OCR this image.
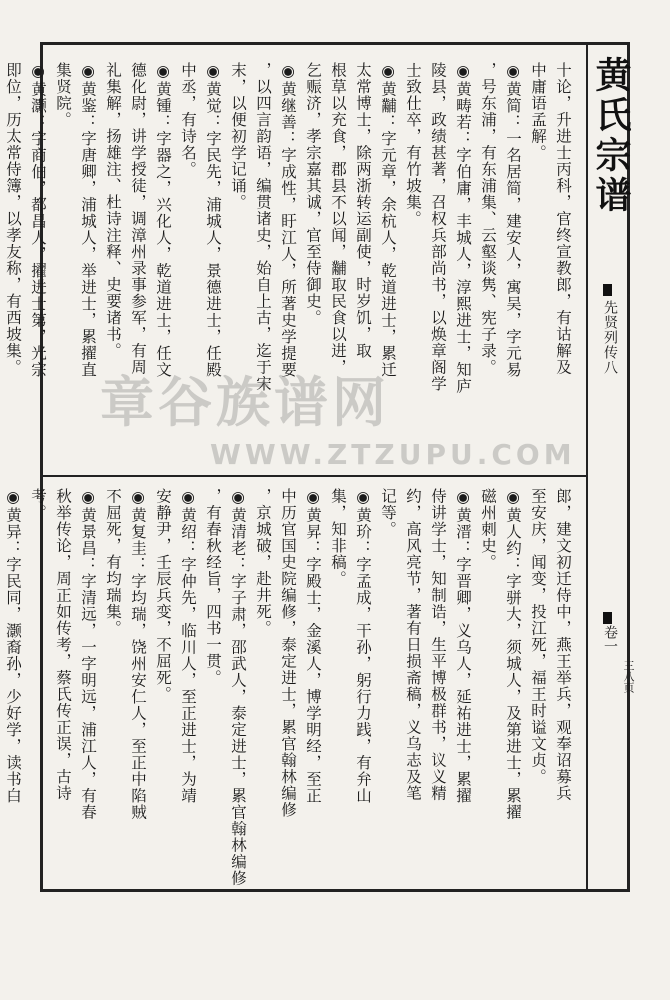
黄氏宗谱
先贤列传八
卷一
三八页
十论，升进士丙科，官终宣教郎，有诂解及
中庸语孟解。
◉黄简：一名居简，建安人，寓吴，字元易
，号东浦，有东浦集、云壑谈隽、宪子录。
◉黄畴若：字伯庸，丰城人，淳熙进士，知庐
陵县，政绩甚著，召权兵部尚书，以焕章阁学
士致仕卒，有竹坡集。
◉黄黼：字元章，余杭人，乾道进士，累迁
太常博士，除两浙转运副使，时岁饥，取
根草以充食，郡县不以闻，黼取民食以进，
乞赈济，孝宗嘉其诚，官至侍御史。
◉黄继善：字成性，盱江人，所著史学提要
，以四言韵语，编贯诸史，始自上古，迄于宋
末，以便初学记诵。
◉黄觉：字民先，浦城人，景德进士，任殿
中丞，有诗名。
◉黄锺：字器之，兴化人，乾道进士，任文
德化尉，讲学授徒，调漳州录事参军，有周
礼集解，扬雄注、杜诗注释、史要诸书。
◉黄鉴：字唐卿，浦城人，举进士，累擢直
集贤院。
◉黄灏：字商伯，都昌人，擢进士第，光宗
即位，历太常侍簿，以孝友称，有西坡集。

郎，建文初迁侍中，燕王举兵，观奉诏募兵
至安庆，闻变，投江死，福王时谥文贞。
◉黄人约：字骈大，须城人，及第进士，累擢
磁州刺史。
◉黄溍：字晋卿，义乌人，延祐进士，累擢
侍讲学士，知制诰，生平博极群书，议义精
约，高风亮节，著有日损斋稿，义乌志及笔
记等。
◉黄玠：字孟成，干孙，躬行力践，有弁山
集，知非稿。
◉黄昇：字殿士，金溪人，博学明经，至正
中历官国史院编修，泰定进士，累官翰林编修
，京城破，赴井死。
◉黄清老：字子肃，邵武人，泰定进士，累官翰林编修
，有春秋经旨，四书一贯。
◉黄绍：字仲先，临川人，至正进士，为靖
安静尹，壬辰兵变，不屈死。
◉黄复圭：字均瑞，饶州安仁人，至正中陷贼
不屈死，有均瑞集。
◉黄景昌：字清远，一字明远，浦江人，有春
秋举传论，周正如传考，蔡氏传正误，古诗
考。
◉黄异：字民同，灏裔孙，少好学，读书白

章谷族谱网
WWW.ZTZUPU.COM
